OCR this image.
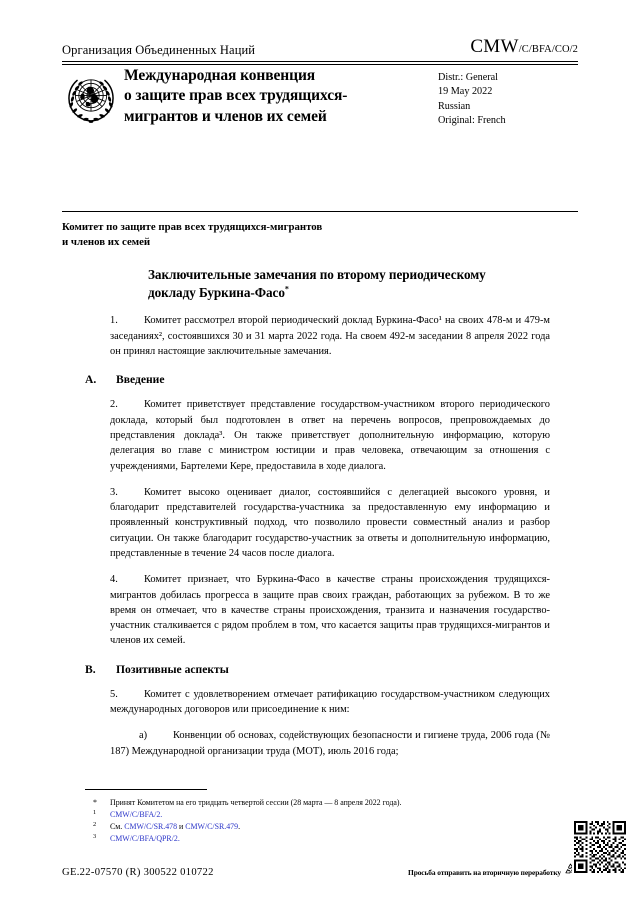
Организация Объединенных Наций	CMW /C/BFA/CO/2
Международная конвенция
о защите прав всех трудящихся-
мигрантов и членов их семей
Distr.: General
19 May 2022
Russian
Original: French
Комитет по защите прав всех трудящихся-мигрантов
и членов их семей
Заключительные замечания по второму периодическому
докладу Буркина-Фасо*
1.	Комитет рассмотрел второй периодический доклад Буркина-Фасо¹ на своих 478-м и 479-м заседаниях², состоявшихся 30 и 31 марта 2022 года. На своем 492-м заседании 8 апреля 2022 года он принял настоящие заключительные замечания.
A.	Введение
2.	Комитет приветствует представление государством-участником второго периодического доклада, который был подготовлен в ответ на перечень вопросов, препровождаемых до представления доклада³. Он также приветствует дополнительную информацию, которую делегация во главе с министром юстиции и прав человека, отвечающим за отношения с учреждениями, Бартелеми Кере, предоставила в ходе диалога.
3.	Комитет высоко оценивает диалог, состоявшийся с делегацией высокого уровня, и благодарит представителей государства-участника за предоставленную ему информацию и проявленный конструктивный подход, что позволило провести совместный анализ и разбор ситуации. Он также благодарит государство-участник за ответы и дополнительную информацию, представленные в течение 24 часов после диалога.
4.	Комитет признает, что Буркина-Фасо в качестве страны происхождения трудящихся-мигрантов добилась прогресса в защите прав своих граждан, работающих за рубежом. В то же время он отмечает, что в качестве страны происхождения, транзита и назначения государство-участник сталкивается с рядом проблем в том, что касается защиты прав трудящихся-мигрантов и членов их семей.
B.	Позитивные аспекты
5.	Комитет с удовлетворением отмечает ратификацию государством-участником следующих международных договоров или присоединение к ним:
a) Конвенции об основах, содействующих безопасности и гигиене труда, 2006 года (№ 187) Международной организации труда (МОТ), июль 2016 года;
*	Принят Комитетом на его тридцать четвертой сессии (28 марта — 8 апреля 2022 года).
1	CMW/C/BFA/2.
2	См. CMW/C/SR.478 и CMW/C/SR.479.
3	CMW/C/BFA/QPR/2.
GE.22-07570 (R) 300522 010722	Просьба отправить на вторичную переработку
